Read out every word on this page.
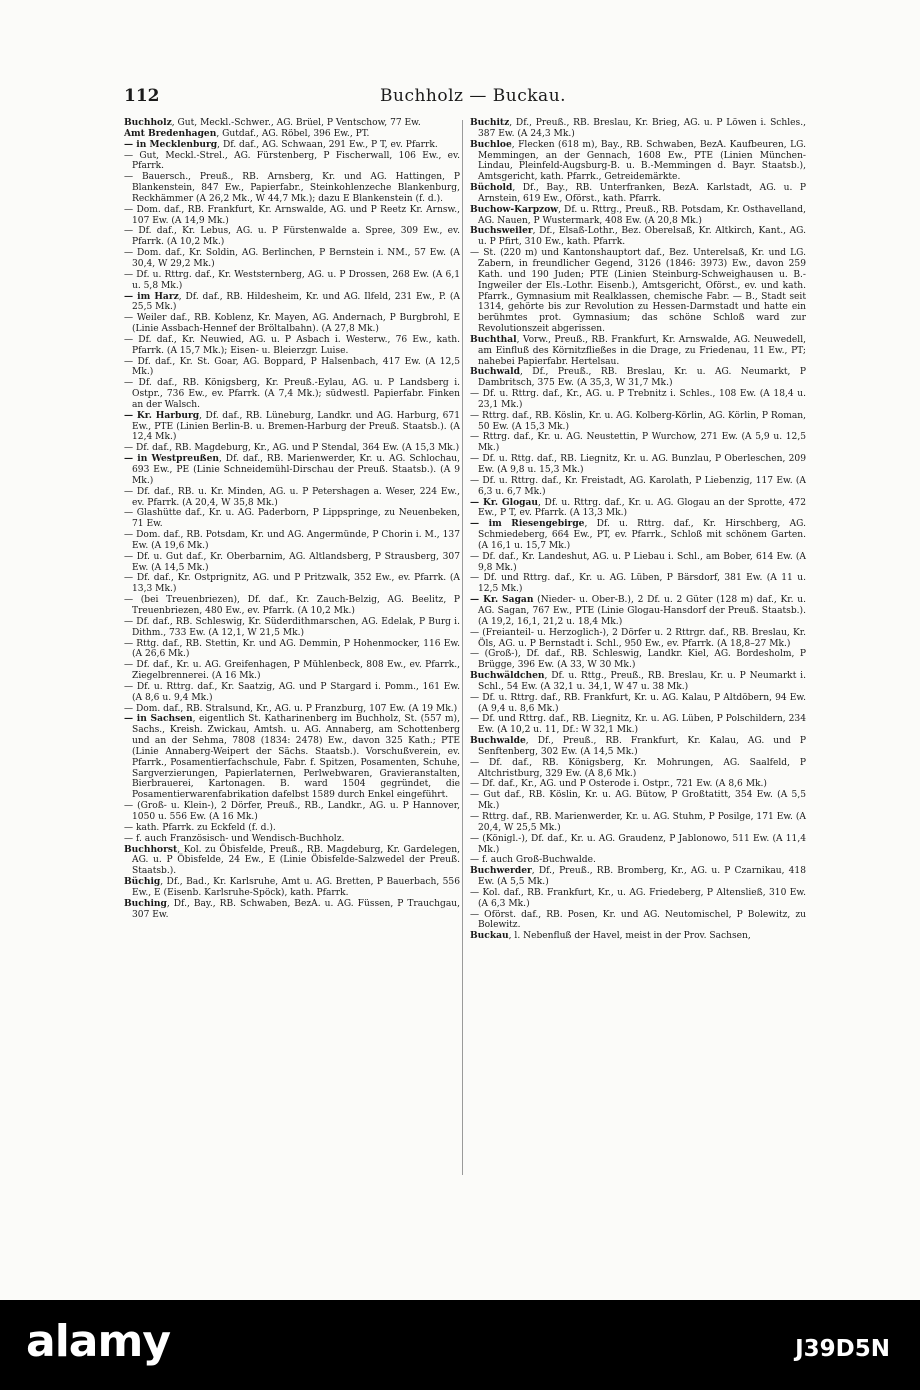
112	Buchholz — Buckau.

Buchholz, Gut, Meckl.-Schwer., AG. Brüel, P Ventschow, 77 Ew.

Amt Bredenhagen, Gutdaf., AG. Röbel, 396 Ew., PT.

— in Mecklenburg, Df. daf., AG. Schwaan, 291 Ew., P T, ev. Pfarrk.

— Gut, Meckl.-Strel., AG. Fürstenberg, P Fischerwall, 106 Ew., ev. Pfarrk.

— Bauersch., Preuß., RB. Arnsberg, Kr. und AG. Hattingen, P Blankenstein, 847 Ew., Papierfabr., Steinkohlenzeche Blankenburg, Reckhämmer (A 26,2 Mk., W 44,7 Mk.); dazu E Blankenstein (f. d.).

— Dom. daf., RB. Frankfurt, Kr. Arnswalde, AG. und P Reetz Kr. Arnsw., 107 Ew. (A 14,9 Mk.)

— Df. daf., Kr. Lebus, AG. u. P Fürstenwalde a. Spree, 309 Ew., ev. Pfarrk. (A 10,2 Mk.)

— Dom. daf., Kr. Soldin, AG. Berlinchen, P Bernstein i. NM., 57 Ew. (A 30,4, W 29,2 Mk.)

— Df. u. Rttrg. daf., Kr. Weststernberg, AG. u. P Drossen, 268 Ew. (A 6,1 u. 5,8 Mk.)

— im Harz, Df. daf., RB. Hildesheim, Kr. und AG. Ilfeld, 231 Ew., P. (A 25,5 Mk.)

— Weiler daf., RB. Koblenz, Kr. Mayen, AG. Andernach, P Burgbrohl, E (Linie Assbach-Hennef der Bröltalbahn). (A 27,8 Mk.)

— Df. daf., Kr. Neuwied, AG. u. P Asbach i. Westerw., 76 Ew., kath. Pfarrk. (A 15,7 Mk.); Eisen- u. Bleierzgr. Luise.

— Df. daf., Kr. St. Goar, AG. Boppard, P Halsenbach, 417 Ew. (A 12,5 Mk.)

— Df. daf., RB. Königsberg, Kr. Preuß.-Eylau, AG. u. P Landsberg i. Ostpr., 736 Ew., ev. Pfarrk. (A 7,4 Mk.); südwestl. Papierfabr. Finken an der Walsch.

— Kr. Harburg, Df. daf., RB. Lüneburg, Landkr. und AG. Harburg, 671 Ew., PTE (Linien Berlin-B. u. Bremen-Harburg der Preuß. Staatsb.). (A 12,4 Mk.)

— Df. daf., RB. Magdeburg, Kr., AG. und P Stendal, 364 Ew. (A 15,3 Mk.)

— in Westpreußen, Df. daf., RB. Marienwerder, Kr. u. AG. Schlochau, 693 Ew., PE (Linie Schneidemühl-Dirschau der Preuß. Staatsb.). (A 9 Mk.)

— Df. daf., RB. u. Kr. Minden, AG. u. P Petershagen a. Weser, 224 Ew., ev. Pfarrk. (A 20,4, W 35,8 Mk.)

— Glashütte daf., Kr. u. AG. Paderborn, P Lippspringe, zu Neuenbeken, 71 Ew.

— Dom. daf., RB. Potsdam, Kr. und AG. Angermünde, P Chorin i. M., 137 Ew. (A 19,6 Mk.)

— Df. u. Gut daf., Kr. Oberbarnim, AG. Altlandsberg, P Strausberg, 307 Ew. (A 14,5 Mk.)

— Df. daf., Kr. Ostprignitz, AG. und P Pritzwalk, 352 Ew., ev. Pfarrk. (A 13,3 Mk.)

— (bei Treuenbriezen), Df. daf., Kr. Zauch-Belzig, AG. Beelitz, P Treuenbriezen, 480 Ew., ev. Pfarrk. (A 10,2 Mk.)

— Df. daf., RB. Schleswig, Kr. Süderdithmarschen, AG. Edelak, P Burg i. Dithm., 733 Ew. (A 12,1, W 21,5 Mk.)

— Rttg. daf., RB. Stettin, Kr. und AG. Demmin, P Hohenmocker, 116 Ew. (A 26,6 Mk.)

— Df. daf., Kr. u. AG. Greifenhagen, P Mühlenbeck, 808 Ew., ev. Pfarrk., Ziegelbrennerei. (A 16 Mk.)

— Df. u. Rttrg. daf., Kr. Saatzig, AG. und P Stargard i. Pomm., 161 Ew. (A 8,6 u. 9,4 Mk.)

— Dom. daf., RB. Stralsund, Kr., AG. u. P Franzburg, 107 Ew. (A 19 Mk.)

— in Sachsen, eigentlich St. Katharinenberg im Buchholz, St. (557 m), Sachs., Kreish. Zwickau, Amtsh. u. AG. Annaberg, am Schottenberg und an der Sehma, 7808 (1834: 2478) Ew., davon 325 Kath.; PTE (Linie Annaberg-Weipert der Sächs. Staatsb.). Vorschußverein, ev. Pfarrk., Posamentierfachschule, Fabr. f. Spitzen, Posamenten, Schuhe, Sargverzierungen, Papierlaternen, Perlwebwaren, Gravieranstalten, Bierbrauerei, Kartonagen. B. ward 1504 gegründet, die Posamentierwarenfabrikation dafelbst 1589 durch Enkel eingeführt.

— (Groß- u. Klein-), 2 Dörfer, Preuß., RB., Landkr., AG. u. P Hannover, 1050 u. 556 Ew. (A 16 Mk.)

— kath. Pfarrk. zu Eckfeld (f. d.).

— f. auch Französisch- und Wendisch-Buchholz.

Buchhorst, Kol. zu Öbisfelde, Preuß., RB. Magdeburg, Kr. Gardelegen, AG. u. P Öbisfelde, 24 Ew., E (Linie Öbisfelde-Salzwedel der Preuß. Staatsb.).

Büchig, Df., Bad., Kr. Karlsruhe, Amt u. AG. Bretten, P Bauerbach, 556 Ew., E (Eisenb. Karlsruhe-Spöck), kath. Pfarrk.

Buching, Df., Bay., RB. Schwaben, BezA. u. AG. Füssen, P Trauchgau, 307 Ew.

Buchitz, Df., Preuß., RB. Breslau, Kr. Brieg, AG. u. P Löwen i. Schles., 387 Ew. (A 24,3 Mk.)

Buchloe, Flecken (618 m), Bay., RB. Schwaben, BezA. Kaufbeuren, LG. Memmingen, an der Gennach, 1608 Ew., PTE (Linien München-Lindau, Pleinfeld-Augsburg-B. u. B.-Memmingen d. Bayr. Staatsb.), Amtsgericht, kath. Pfarrk., Getreidemärkte.

Büchold, Df., Bay., RB. Unterfranken, BezA. Karlstadt, AG. u. P Arnstein, 619 Ew., Oförst., kath. Pfarrk.

Buchow-Karpzow, Df. u. Rttrg., Preuß., RB. Potsdam, Kr. Osthavelland, AG. Nauen, P Wustermark, 408 Ew. (A 20,8 Mk.)

Buchsweiler, Df., Elsaß-Lothr., Bez. Oberelsaß, Kr. Altkirch, Kant., AG. u. P Pfirt, 310 Ew., kath. Pfarrk.

— St. (220 m) und Kantonshauptort daf., Bez. Unterelsaß, Kr. und LG. Zabern, in freundlicher Gegend, 3126 (1846: 3973) Ew., davon 259 Kath. und 190 Juden; PTE (Linien Steinburg-Schweighausen u. B.-Ingweiler der Els.-Lothr. Eisenb.), Amtsgericht, Oförst., ev. und kath. Pfarrk., Gymnasium mit Realklassen, chemische Fabr. — B., Stadt seit 1314, gehörte bis zur Revolution zu Hessen-Darmstadt und hatte ein berühmtes prot. Gymnasium; das schöne Schloß ward zur Revolutionszeit abgerissen.

Buchthal, Vorw., Preuß., RB. Frankfurt, Kr. Arnswalde, AG. Neuwedell, am Einfluß des Körnitzfließes in die Drage, zu Friedenau, 11 Ew., PT; nahebei Papierfabr. Hertelsau.

Buchwald, Df., Preuß., RB. Breslau, Kr. u. AG. Neumarkt, P Dambritsch, 375 Ew. (A 35,3, W 31,7 Mk.)

— Df. u. Rttrg. daf., Kr., AG. u. P Trebnitz i. Schles., 108 Ew. (A 18,4 u. 23,1 Mk.)

— Rttrg. daf., RB. Köslin, Kr. u. AG. Kolberg-Körlin, AG. Körlin, P Roman, 50 Ew. (A 15,3 Mk.)

— Rttrg. daf., Kr. u. AG. Neustettin, P Wurchow, 271 Ew. (A 5,9 u. 12,5 Mk.)

— Df. u. Rttg. daf., RB. Liegnitz, Kr. u. AG. Bunzlau, P Oberleschen, 209 Ew. (A 9,8 u. 15,3 Mk.)

— Df. u. Rttrg. daf., Kr. Freistadt, AG. Karolath, P Liebenzig, 117 Ew. (A 6,3 u. 6,7 Mk.)

— Kr. Glogau, Df. u. Rttrg. daf., Kr. u. AG. Glogau an der Sprotte, 472 Ew., P T, ev. Pfarrk. (A 13,3 Mk.)

— im Riesengebirge, Df. u. Rttrg. daf., Kr. Hirschberg, AG. Schmiedeberg, 664 Ew., PT, ev. Pfarrk., Schloß mit schönem Garten. (A 16,1 u. 15,7 Mk.)

— Df. daf., Kr. Landeshut, AG. u. P Liebau i. Schl., am Bober, 614 Ew. (A 9,8 Mk.)

— Df. und Rttrg. daf., Kr. u. AG. Lüben, P Bärsdorf, 381 Ew. (A 11 u. 12,5 Mk.)

— Kr. Sagan (Nieder- u. Ober-B.), 2 Df. u. 2 Güter (128 m) daf., Kr. u. AG. Sagan, 767 Ew., PTE (Linie Glogau-Hansdorf der Preuß. Staatsb.). (A 19,2, 16,1, 21,2 u. 18,4 Mk.)

— (Freianteil- u. Herzoglich-), 2 Dörfer u. 2 Rttrgr. daf., RB. Breslau, Kr. Öls, AG. u. P Bernstadt i. Schl., 950 Ew., ev. Pfarrk. (A 18,8–27 Mk.)

— (Groß-), Df. daf., RB. Schleswig, Landkr. Kiel, AG. Bordesholm, P Brügge, 396 Ew. (A 33, W 30 Mk.)

Buchwäldchen, Df. u. Rttg., Preuß., RB. Breslau, Kr. u. P Neumarkt i. Schl., 54 Ew. (A 32,1 u. 34,1, W 47 u. 38 Mk.)

— Df. u. Rttrg. daf., RB. Frankfurt, Kr. u. AG. Kalau, P Altdöbern, 94 Ew. (A 9,4 u. 8,6 Mk.)

— Df. und Rttrg. daf., RB. Liegnitz, Kr. u. AG. Lüben, P Polschildern, 234 Ew. (A 10,2 u. 11, Df.: W 32,1 Mk.)

Buchwalde, Df., Preuß., RB. Frankfurt, Kr. Kalau, AG. und P Senftenberg, 302 Ew. (A 14,5 Mk.)

— Df. daf., RB. Königsberg, Kr. Mohrungen, AG. Saalfeld, P Altchristburg, 329 Ew. (A 8,6 Mk.)

— Df. daf., Kr., AG. und P Osterode i. Ostpr., 721 Ew. (A 8,6 Mk.)

— Gut daf., RB. Köslin, Kr. u. AG. Bütow, P Großtatitt, 354 Ew. (A 5,5 Mk.)

— Rttrg. daf., RB. Marienwerder, Kr. u. AG. Stuhm, P Posilge, 171 Ew. (A 20,4, W 25,5 Mk.)

— (Königl.-), Df. daf., Kr. u. AG. Graudenz, P Jablonowo, 511 Ew. (A 11,4 Mk.)

— f. auch Groß-Buchwalde.

Buchwerder, Df., Preuß., RB. Bromberg, Kr., AG. u. P Czarnikau, 418 Ew. (A 5,5 Mk.)

— Kol. daf., RB. Frankfurt, Kr., u. AG. Friedeberg, P Altensließ, 310 Ew. (A 6,3 Mk.)

— Oförst. daf., RB. Posen, Kr. und AG. Neutomischel, P Bolewitz, zu Bolewitz.

Buckau, l. Nebenfluß der Havel, meist in der Prov. Sachsen,

alamy	J39D5N
